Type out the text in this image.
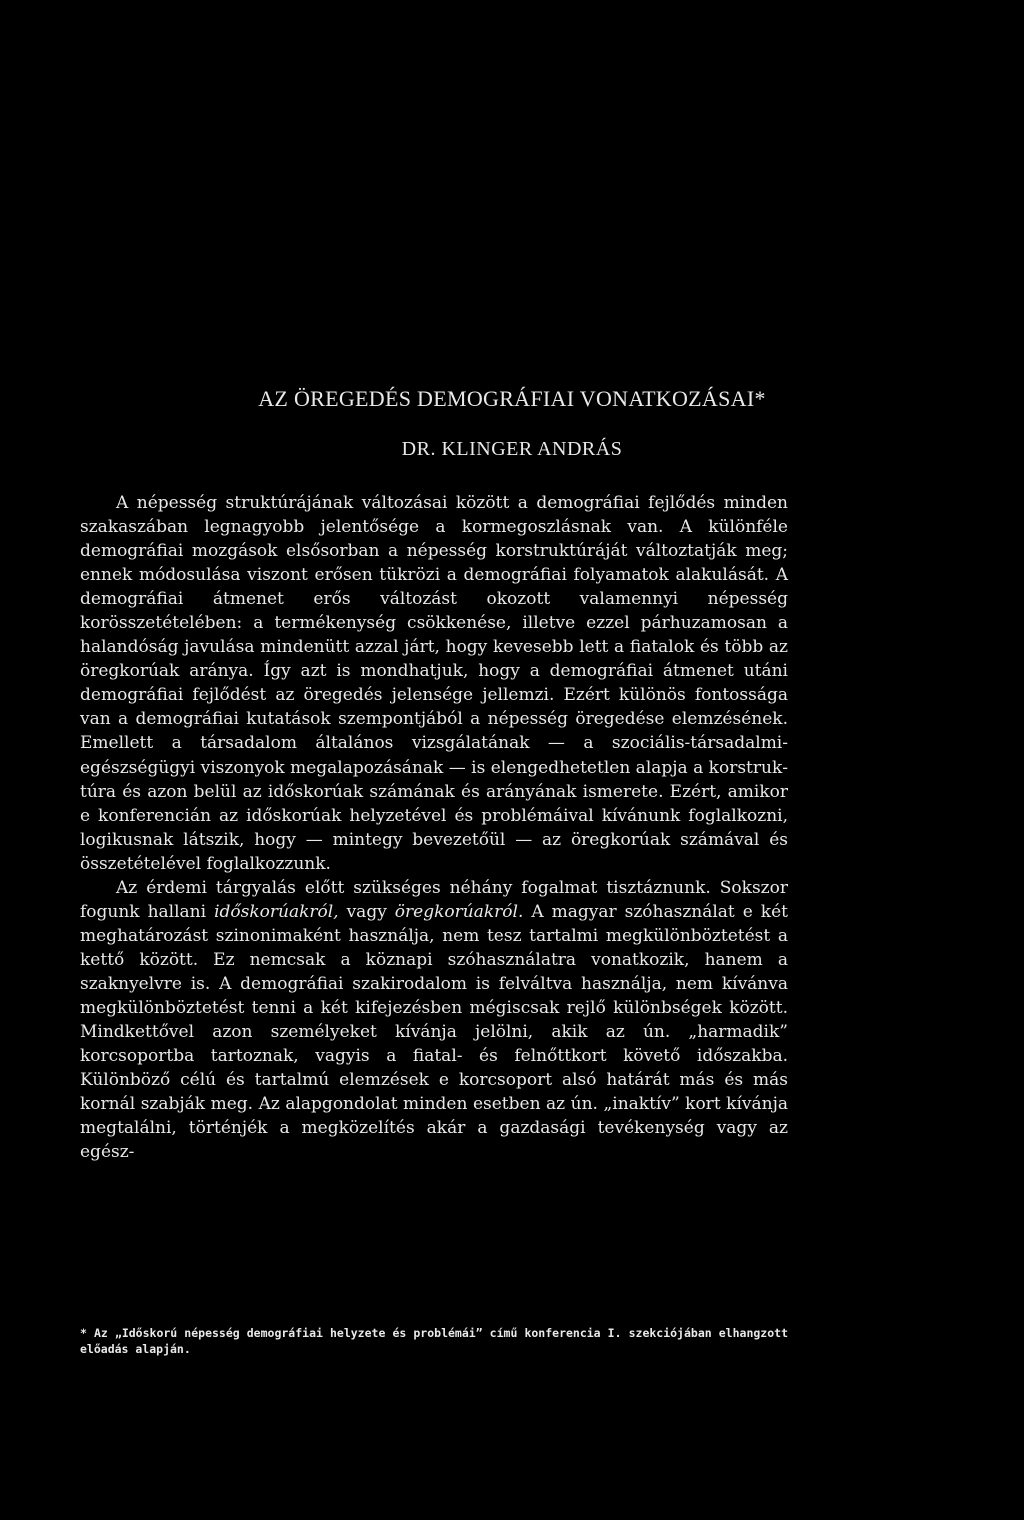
AZ ÖREGEDÉS DEMOGRÁFIAI VONATKOZÁSAI*
DR. KLINGER ANDRÁS

A népesség struktúrájának változásai között a demográfiai fejlődés minden szakaszában legnagyobb jelentősége a kormegoszlásnak van. A különféle demográfiai mozgások elsősorban a népesség korstruktúráját változtatják meg; ennek módosulása viszont erősen tükrözi a demográfiai folyamatok alakulását. A demográfiai átmenet erős változást okozott valamennyi népesség korösszetételében: a termékenység csökkenése, illetve ezzel párhuzamosan a halandóság javulása mindenütt azzal járt, hogy kevesebb lett a fiatalok és több az öregkorúak aránya. Így azt is mondhatjuk, hogy a demográfiai átmenet utáni demográfiai fejlődést az öregedés jelensége jellemzi. Ezért különös fontossága van a demográfiai kutatások szempontjából a népesség öregedése elemzésének. Emellett a társadalom általános vizsgálatának — a szociális-társadalmi-egészségügyi viszonyok megalapozásának — is elengedhetetlen alapja a korstruktúra és azon belül az időskorúak számának és arányának ismerete. Ezért, amikor e konferencián az időskorúak helyzetével és problémáival kívánunk foglalkozni, logikusnak látszik, hogy — mintegy bevezetőül — az öregkorúak számával és összetételével foglalkozzunk.

Az érdemi tárgyalás előtt szükséges néhány fogalmat tisztáznunk. Sokszor fogunk hallani időskorúakról, vagy öregkorúakról. A magyar szóhasználat e két meghatározást szinonimaként használja, nem tesz tartalmi megkülönböztetést a kettő között. Ez nemcsak a köznapi szóhasználatra vonatkozik, hanem a szaknyelvre is. A demográfiai szakirodalom is felváltva használja, nem kívánva megkülönböztetést tenni a két kifejezésben mégiscsak rejlő különbségek között. Mindkettővel azon személyeket kívánja jelölni, akik az ún. „harmadik” korcsoportba tartoznak, vagyis a fiatal- és felnőttkort követő időszakba. Különböző célú és tartalmú elemzések e korcsoport alsó határát más és más kornál szabják meg. Az alapgondolat minden esetben az ún. „inaktív” kort kívánja megtalálni, történjék a megközelítés akár a gazdasági tevékenység vagy az egész-

* Az „Időskorú népesség demográfiai helyzete és problémái” című konferencia I. szekciójában elhangzott előadás alapján.
